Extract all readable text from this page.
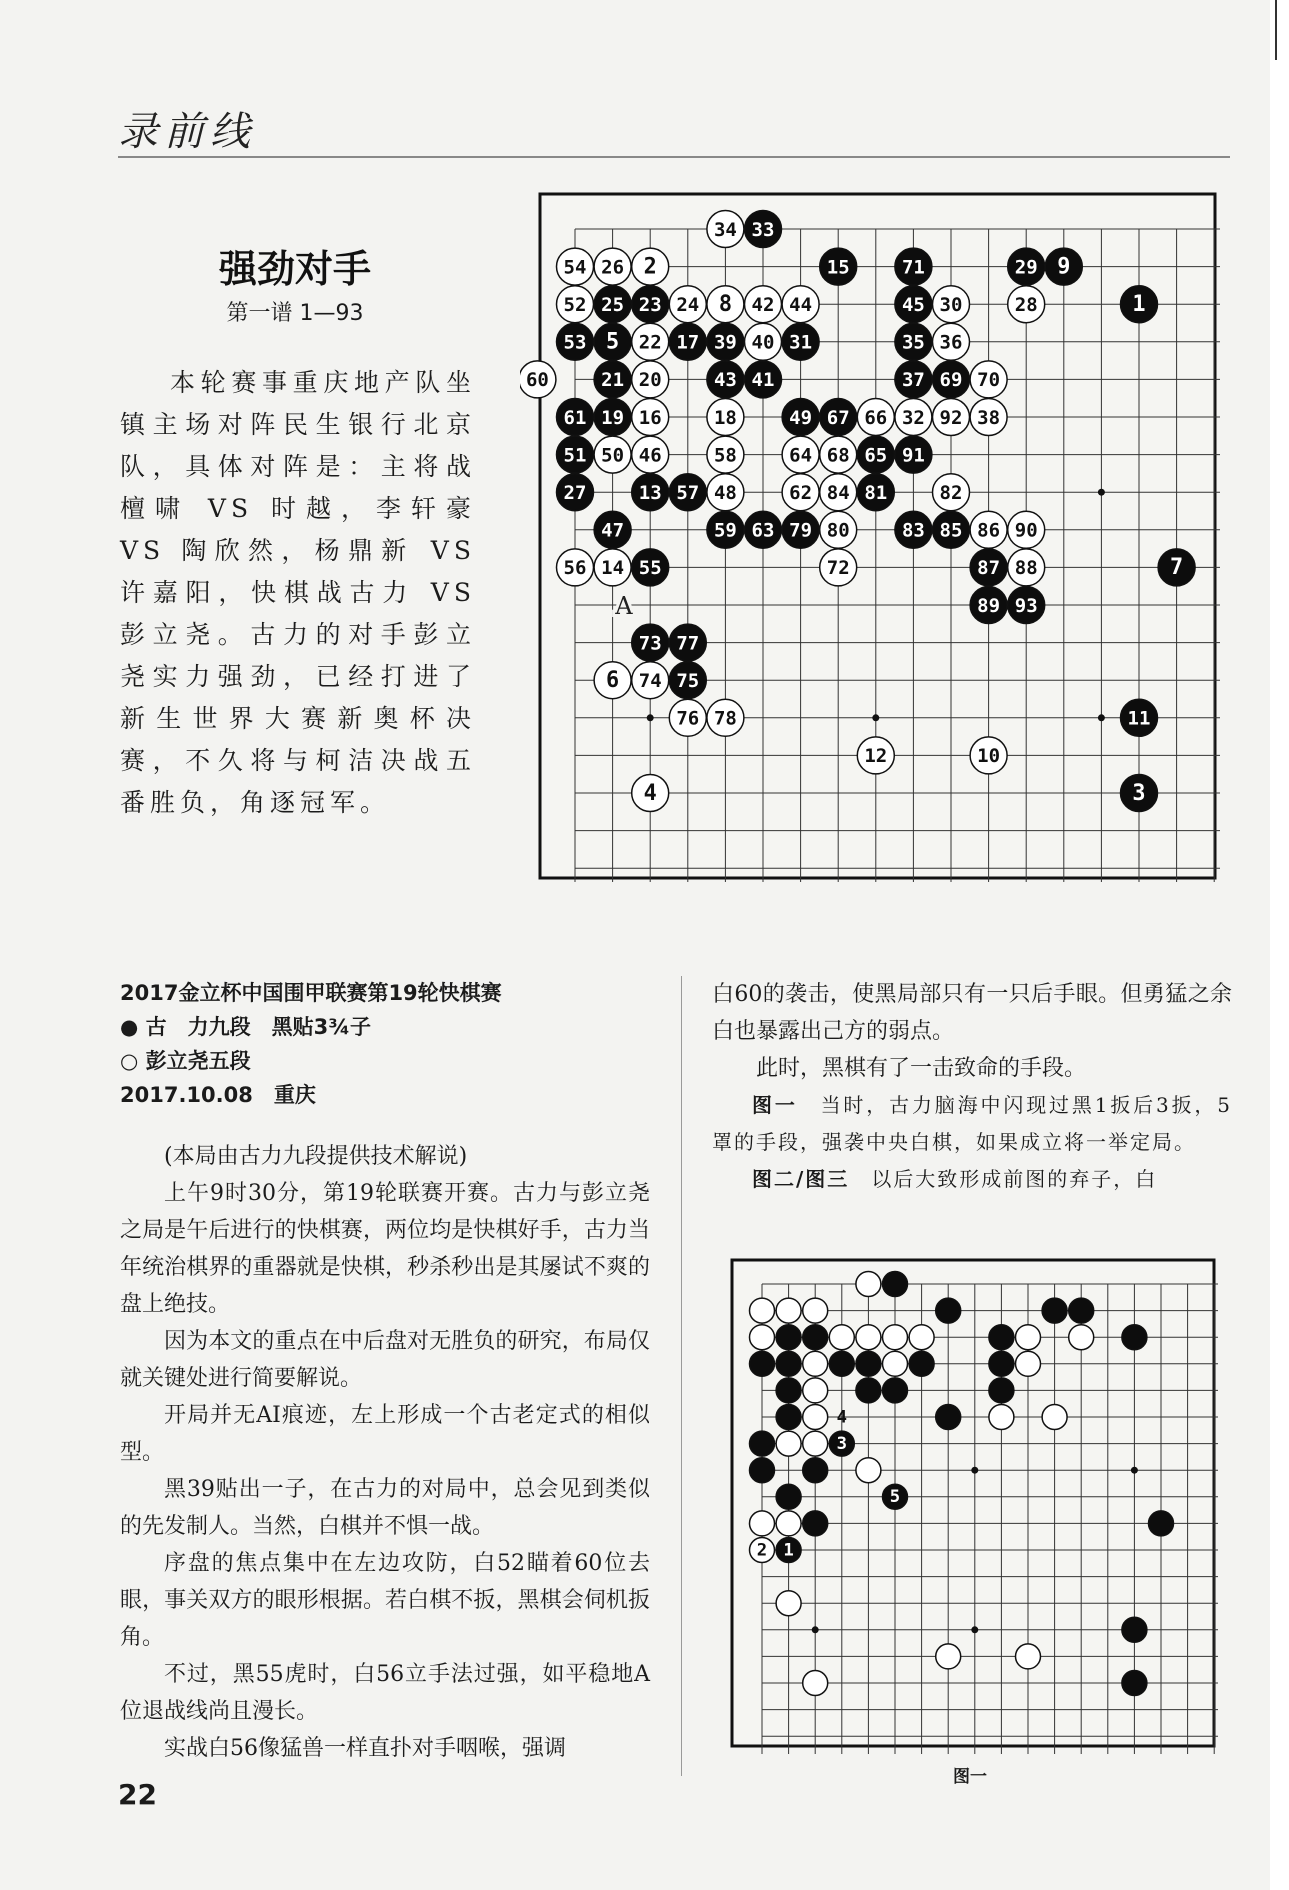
录前线
强劲对手
第一谱 1—93

本轮赛事重庆地产队坐镇主场对阵民生银行北京队，具体对阵是：主将战檀啸 VS 时越，李轩豪 VS 陶欣然，杨鼎新 VS 许嘉阳，快棋战古力 VS 彭立尧。古力的对手彭立尧实力强劲，已经打进了新生世界大赛新奥杯决赛，不久将与柯洁决战五番胜负，角逐冠军。

34 33
54 26 2	15	71	29 9
52 25 23 24 8 42 44	45 30	28	1
53 5 22 17 39 40 31	35 36
60	21 20	43 41	37 69 70
61 19 16	18	49 67 66 32 92 38
51 50 46	58	64 68 65 91
27	13 57 48	62 84 81	82
47	59 63 79 80	83 85 86 90
56 14 55	72	87 88	7
89 93
73 77
6 74 75
76 78	11
12	10
4	3
A
2017金立杯中国围甲联赛第19轮快棋赛
● 古　力九段　黑贴3¾子
○ 彭立尧五段
2017.10.08　重庆

(本局由古力九段提供技术解说)

上午9时30分，第19轮联赛开赛。古力与彭立尧之局是午后进行的快棋赛，两位均是快棋好手，古力当年统治棋界的重器就是快棋，秒杀秒出是其屡试不爽的盘上绝技。

因为本文的重点在中后盘对无胜负的研究，布局仅就关键处进行简要解说。

开局并无AI痕迹，左上形成一个古老定式的相似型。

黑39贴出一子，在古力的对局中，总会见到类似的先发制人。当然，白棋并不惧一战。

序盘的焦点集中在左边攻防，白52瞄着60位去眼，事关双方的眼形根据。若白棋不扳，黑棋会伺机扳角。

不过，黑55虎时，白56立手法过强，如平稳地A位退战线尚且漫长。

实战白56像猛兽一样直扑对手咽喉，强调

白60的袭击，使黑局部只有一只后手眼。但勇猛之余白也暴露出己方的弱点。

此时，黑棋有了一击致命的手段。

图一　 当时，古力脑海中闪现过黑1扳后3扳，5罩的手段，强袭中央白棋，如果成立将一举定局。

图二/图三　 以后大致形成前图的弃子，白

4
3
5
2 1
图一
22
